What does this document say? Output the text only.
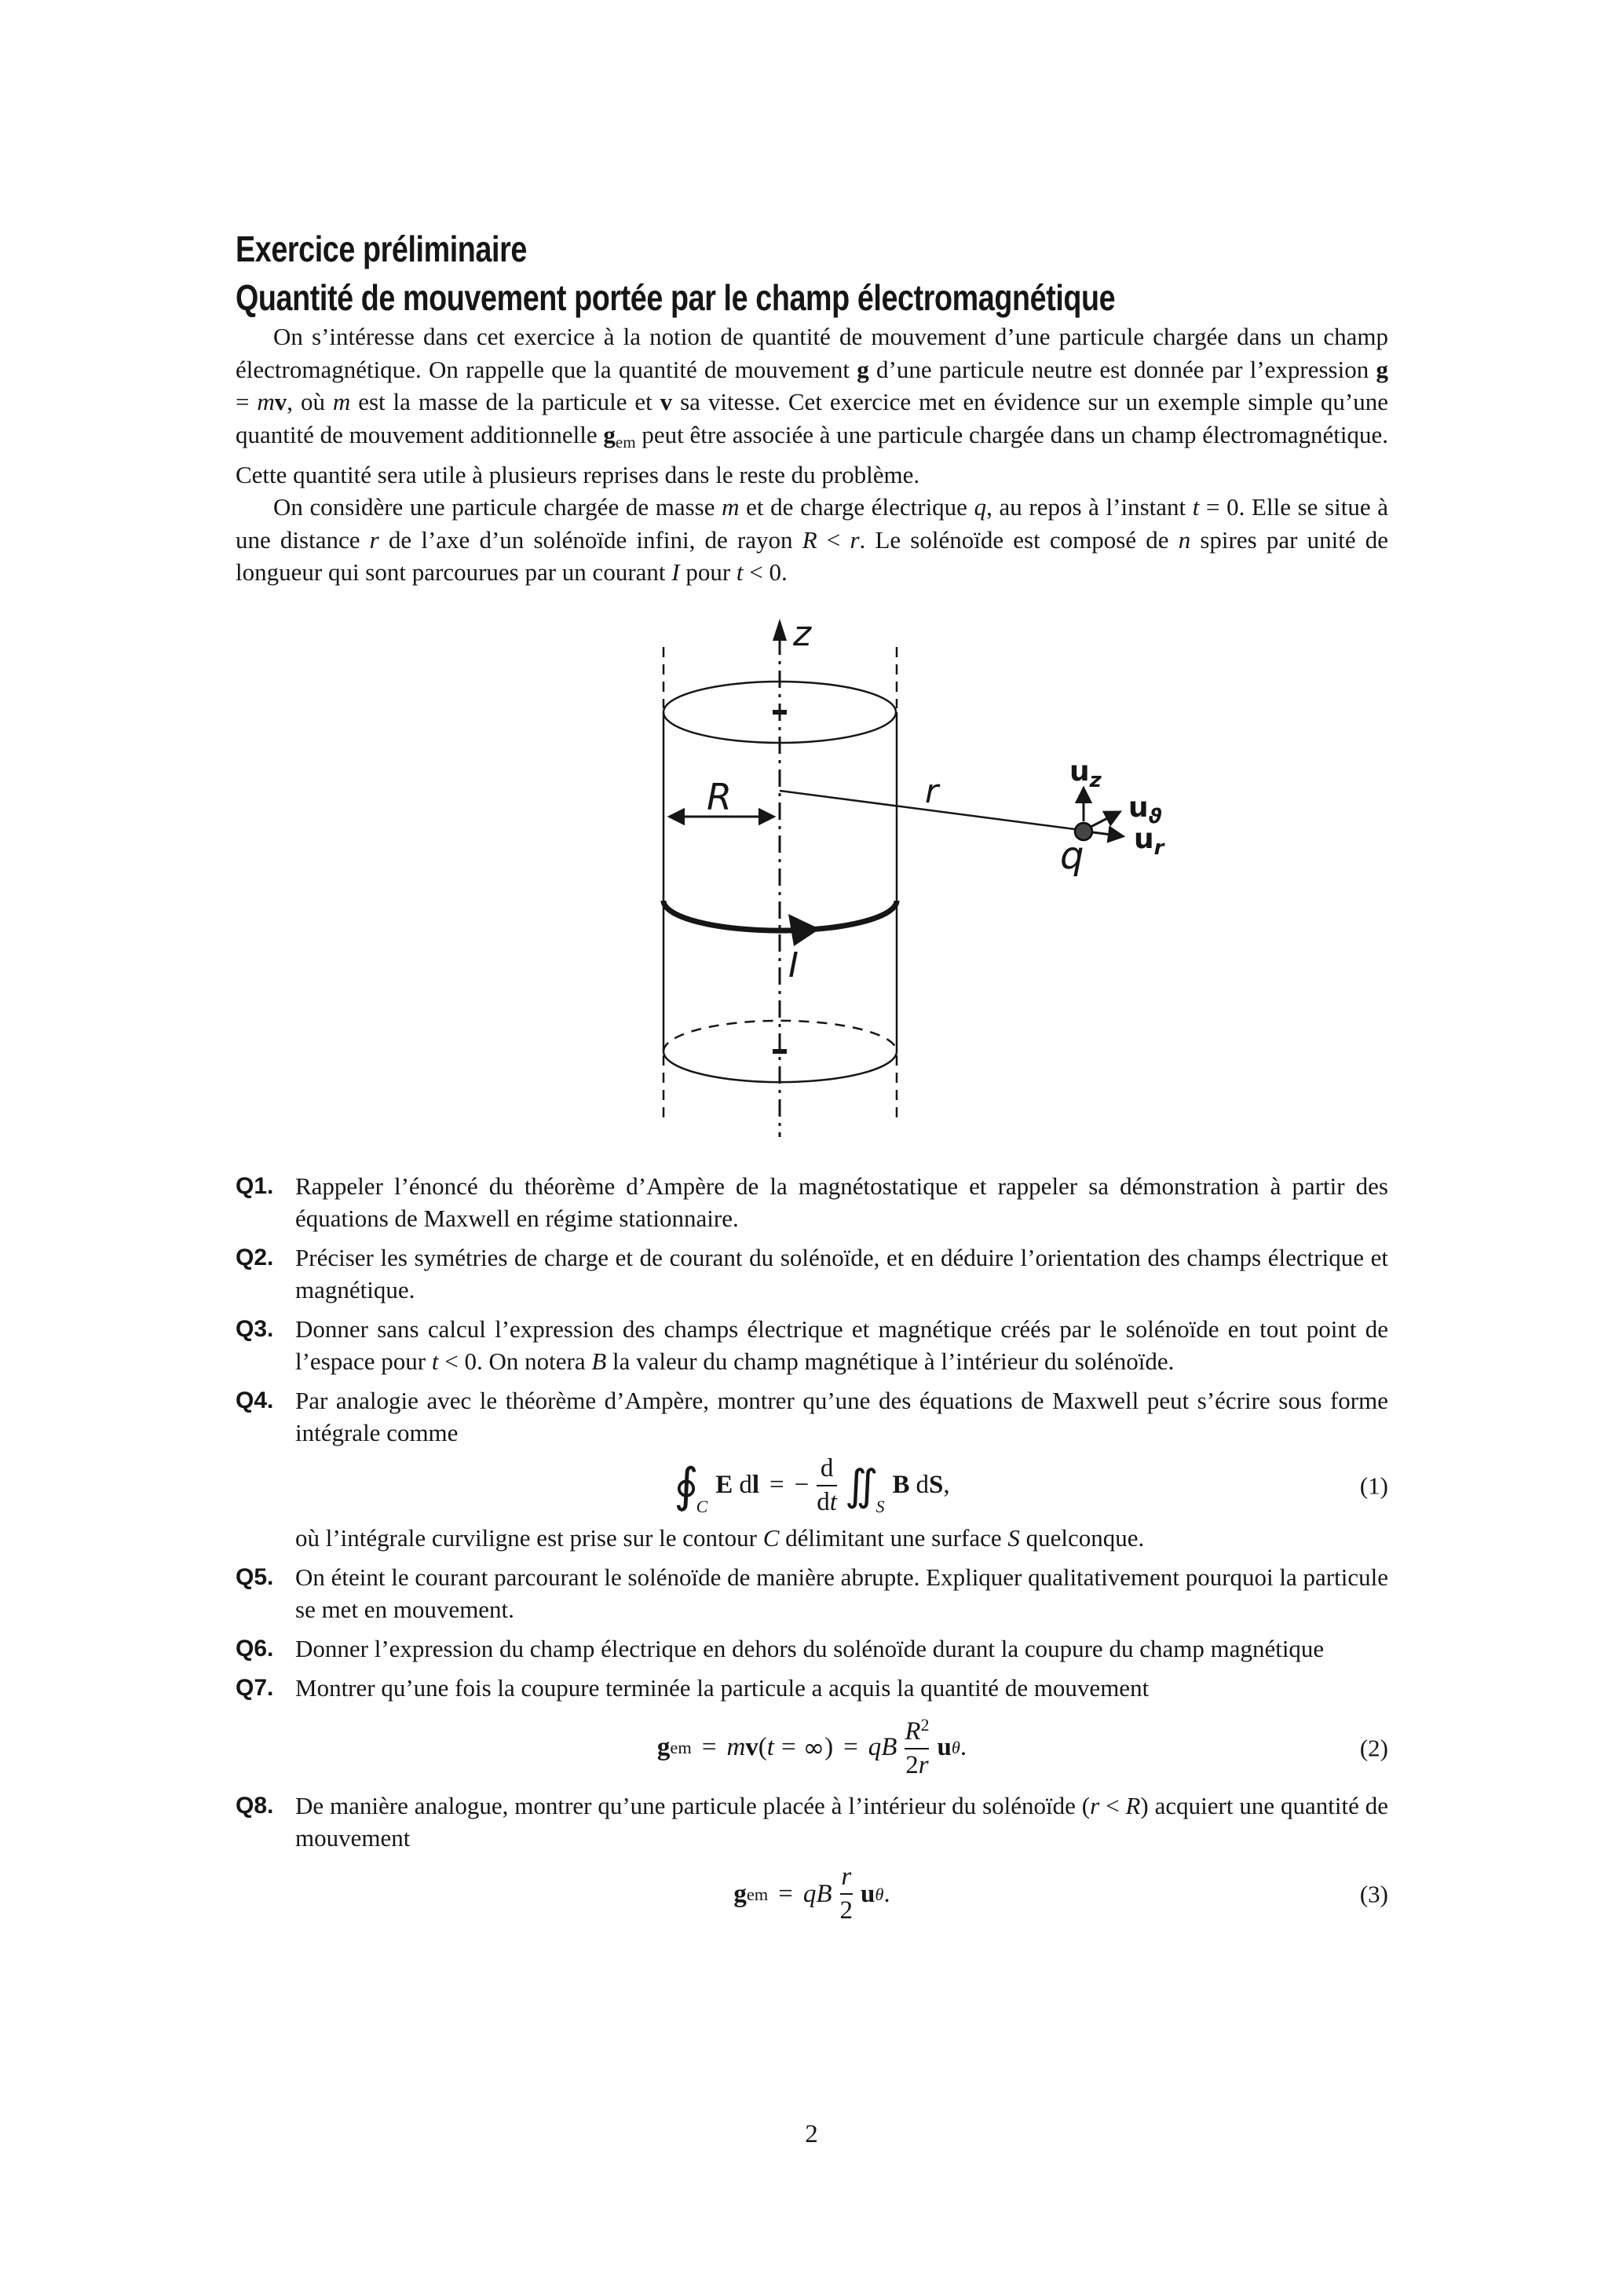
Exercice préliminaire
Quantité de mouvement portée par le champ électromagnétique

On s’intéresse dans cet exercice à la notion de quantité de mouvement d’une particule chargée dans un champ électromagnétique. On rappelle que la quantité de mouvement g d’une particule neutre est donnée par l’expression g = mv, où m est la masse de la particule et v sa vitesse. Cet exercice met en évidence sur un exemple simple qu’une quantité de mouvement additionnelle $g_{em}$ peut être associée à une particule chargée dans un champ électromagnétique. Cette quantité sera utile à plusieurs reprises dans le reste du problème.

On considère une particule chargée de masse m et de charge électrique q, au repos à l’instant t = 0. Elle se situe à une distance r de l’axe d’un solénoïde infini, de rayon R < r. Le solénoïde est composé de n spires par unité de longueur qui sont parcourues par un courant I pour t < 0.

z
R	r
$u_z$
$u_ϑ$
$u_r$
q
I
Q1. Rappeler l’énoncé du théorème d’Ampère de la magnétostatique et rappeler sa démonstration à partir des équations de Maxwell en régime stationnaire.
Q2. Préciser les symétries de charge et de courant du solénoïde, et en déduire l’orientation des champs électrique et magnétique.
Q3. Donner sans calcul l’expression des champs électrique et magnétique créés par le solénoïde en tout point de l’espace pour t < 0. On notera B la valeur du champ magnétique à l’intérieur du solénoïde.
Q4. Par analogie avec le théorème d’Ampère, montrer qu’une des équations de Maxwell peut s’écrire sous forme intégrale comme
∮
C
E d l = − $\frac{d}{dt}$ ∬
S
B d S ,	(1)
où l’intégrale curviligne est prise sur le contour C délimitant une surface S quelconque.
Q5. On éteint le courant parcourant le solénoïde de manière abrupte. Expliquer qualitativement pourquoi la particule se met en mouvement.
Q6. Donner l’expression du champ électrique en dehors du solénoïde durant la coupure du champ magnétique
Q7. Montrer qu’une fois la coupure terminée la particule a acquis la quantité de mouvement
g em = m v ( t = ∞ ) = q B $\frac{R^2}{2r}$ u θ .	(2)
Q8. De manière analogue, montrer qu’une particule placée à l’intérieur du solénoïde (r < R) acquiert une quantité de mouvement
g em = q B $\frac{r}{2}$ u θ .	(3)
2
